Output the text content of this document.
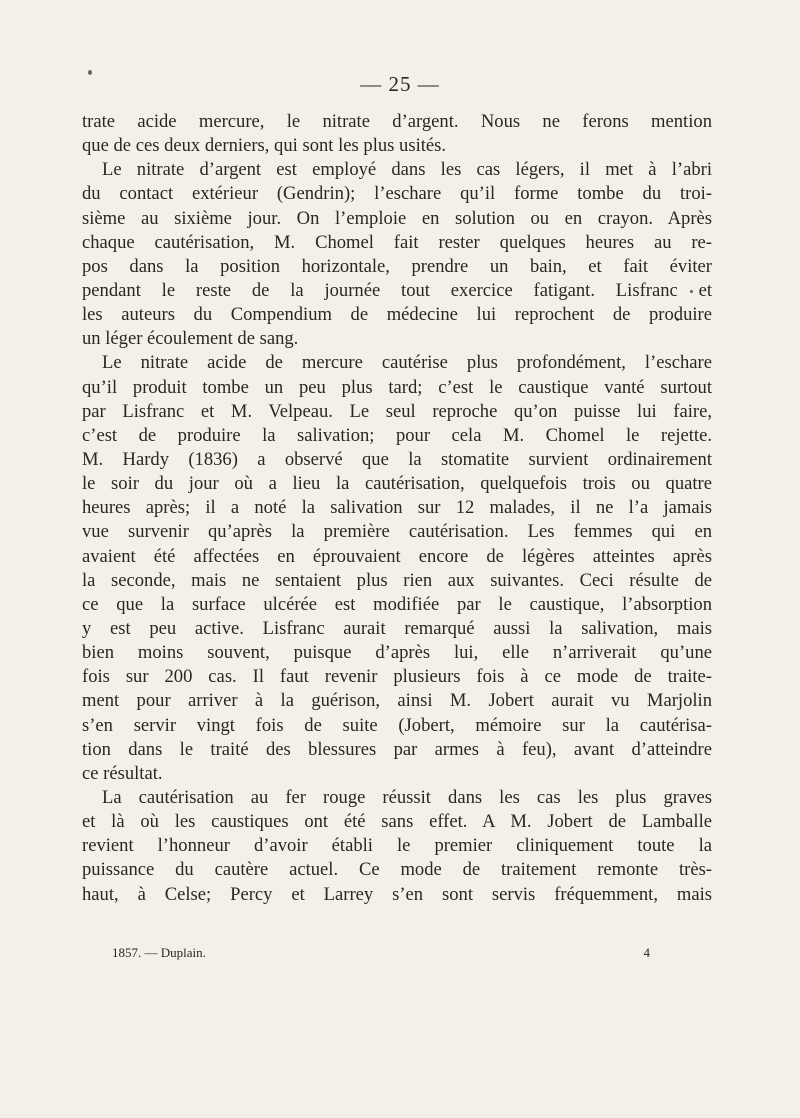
— 25 —
trate acide mercure, le nitrate d’argent. Nous ne ferons mention
que de ces deux derniers, qui sont les plus usités.
Le nitrate d’argent est employé dans les cas légers, il met à l’abri
du contact extérieur (Gendrin); l’eschare qu’il forme tombe du troi-
sième au sixième jour. On l’emploie en solution ou en crayon. Après
chaque cautérisation, M. Chomel fait rester quelques heures au re-
pos dans la position horizontale, prendre un bain, et fait éviter
pendant le reste de la journée tout exercice fatigant. Lisfranc et
les auteurs du Compendium de médecine lui reprochent de produire
un léger écoulement de sang.
Le nitrate acide de mercure cautérise plus profondément, l’eschare
qu’il produit tombe un peu plus tard; c’est le caustique vanté surtout
par Lisfranc et M. Velpeau. Le seul reproche qu’on puisse lui faire,
c’est de produire la salivation; pour cela M. Chomel le rejette.
M. Hardy (1836) a observé que la stomatite survient ordinairement
le soir du jour où a lieu la cautérisation, quelquefois trois ou quatre
heures après; il a noté la salivation sur 12 malades, il ne l’a jamais
vue survenir qu’après la première cautérisation. Les femmes qui en
avaient été affectées en éprouvaient encore de légères atteintes après
la seconde, mais ne sentaient plus rien aux suivantes. Ceci résulte de
ce que la surface ulcérée est modifiée par le caustique, l’absorption
y est peu active. Lisfranc aurait remarqué aussi la salivation, mais
bien moins souvent, puisque d’après lui, elle n’arriverait qu’une
fois sur 200 cas. Il faut revenir plusieurs fois à ce mode de traite-
ment pour arriver à la guérison, ainsi M. Jobert aurait vu Marjolin
s’en servir vingt fois de suite (Jobert, mémoire sur la cautérisa-
tion dans le traité des blessures par armes à feu), avant d’atteindre
ce résultat.
La cautérisation au fer rouge réussit dans les cas les plus graves
et là où les caustiques ont été sans effet. A M. Jobert de Lamballe
revient l’honneur d’avoir établi le premier cliniquement toute la
puissance du cautère actuel. Ce mode de traitement remonte très-
haut, à Celse; Percy et Larrey s’en sont servis fréquemment, mais
1857. — Duplain.	4
